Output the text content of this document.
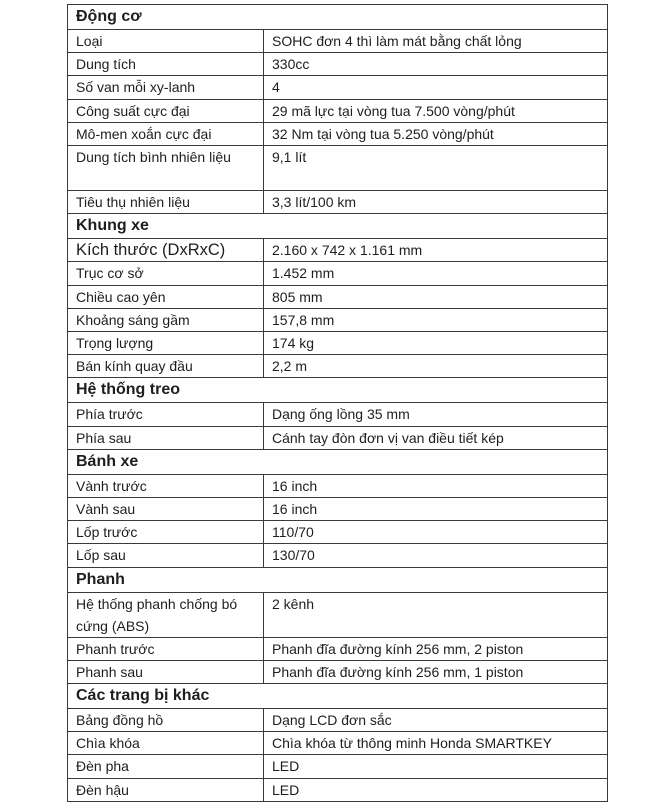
Động cơ	
Loại	SOHC đơn 4 thì làm mát bằng chất lỏng
Dung tích	330cc
Số van mỗi xy-lanh	4
Công suất cực đại	29 mã lực tại vòng tua 7.500 vòng/phút
Mô-men xoắn cực đại	32 Nm tại vòng tua 5.250 vòng/phút
Dung tích bình nhiên liệu	9,1 lít
Tiêu thụ nhiên liệu	3,3 lít/100 km
Khung xe	
Kích thước (DxRxC)	2.160 x 742 x 1.161 mm
Trục cơ sở	1.452 mm
Chiều cao yên	805 mm
Khoảng sáng gầm	157,8 mm
Trọng lượng	174 kg
Bán kính quay đầu	2,2 m
Hệ thống treo	
Phía trước	Dạng ống lồng 35 mm
Phía sau	Cánh tay đòn đơn vị van điều tiết kép
Bánh xe	
Vành trước	16 inch
Vành sau	16 inch
Lốp trước	110/70
Lốp sau	130/70
Phanh	
Hệ thống phanh chống bó cứng (ABS)	2 kênh
Phanh trước	Phanh đĩa đường kính 256 mm, 2 piston
Phanh sau	Phanh đĩa đường kính 256 mm, 1 piston
Các trang bị khác	
Bảng đồng hồ	Dạng LCD đơn sắc
Chìa khóa	Chìa khóa từ thông minh Honda SMARTKEY
Đèn pha	LED
Đèn hậu	LED
